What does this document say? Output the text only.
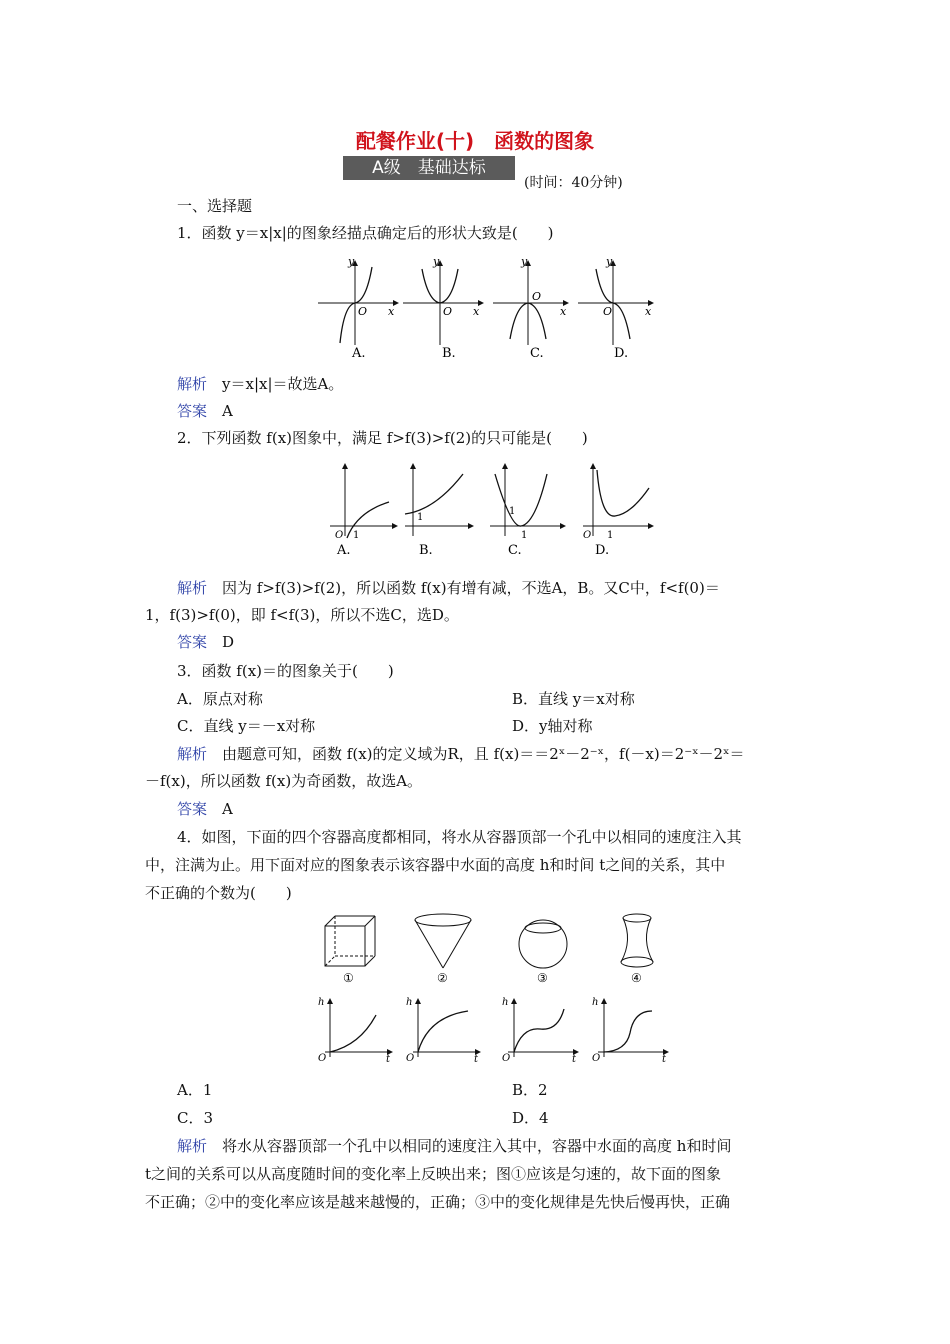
配餐作业(十)　函数的图象
A级　基础达标
(时间：40分钟)
一、选择题
1．函数 y＝x|x|的图象经描点确定后的形状大致是(　　)
y
x
O
A.
y
x
O
B.
y
x
O
C.
y
x
O
D.
解析　 y＝x|x|＝故选A。
答案　 A
2．下列函数 f(x)图象中，满足 f>f(3)>f(2)的只可能是(　　)
O 1
A.
1
B.
1
1
C.
O 1
D.
解析　 因为 f>f(3)>f(2)，所以函数 f(x)有增有减，不选A，B。又C中，f<f(0)＝
1，f(3)>f(0)，即 f<f(3)，所以不选C，选D。
答案　 D
3．函数 f(x)＝的图象关于(　　)
A．原点对称	B．直线 y＝x对称
C．直线 y＝－x对称	D．y轴对称
解析　 由题意可知，函数 f(x)的定义域为R，且 f(x)＝＝2ˣ－2⁻ˣ，f(－x)＝2⁻ˣ－2ˣ＝
－f(x)，所以函数 f(x)为奇函数，故选A。
答案　 A
4．如图，下面的四个容器高度都相同，将水从容器顶部一个孔中以相同的速度注入其
中，注满为止。用下面对应的图象表示该容器中水面的高度 h和时间 t之间的关系，其中
不正确的个数为(　　)
①	②	③	④
h
t
O
h
t
O
h
t
O
h
t
O
A．1	B．2
C．3	D．4
解析　 将水从容器顶部一个孔中以相同的速度注入其中，容器中水面的高度 h和时间
t之间的关系可以从高度随时间的变化率上反映出来；图①应该是匀速的，故下面的图象
不正确；②中的变化率应该是越来越慢的，正确；③中的变化规律是先快后慢再快，正确
